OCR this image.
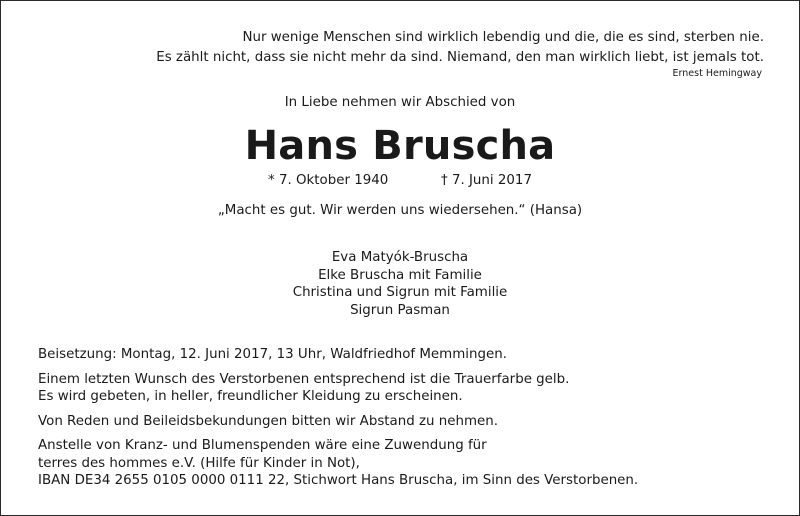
Nur wenige Menschen sind wirklich lebendig und die, die es sind, sterben nie.
Es zählt nicht, dass sie nicht mehr da sind. Niemand, den man wirklich liebt, ist jemals tot.
Ernest Hemingway
In Liebe nehmen wir Abschied von
Hans Bruscha
* 7. Oktober 1940	† 7. Juni 2017
„Macht es gut. Wir werden uns wiedersehen.“ (Hansa)
Eva Matyók-Bruscha
Elke Bruscha mit Familie
Christina und Sigrun mit Familie
Sigrun Pasman

Beisetzung: Montag, 12. Juni 2017, 13 Uhr, Waldfriedhof Memmingen.

Einem letzten Wunsch des Verstorbenen entsprechend ist die Trauerfarbe gelb.
Es wird gebeten, in heller, freundlicher Kleidung zu erscheinen.

Von Reden und Beileidsbekundungen bitten wir Abstand zu nehmen.

Anstelle von Kranz- und Blumenspenden wäre eine Zuwendung für
terres des hommes e.V. (Hilfe für Kinder in Not),
IBAN DE34 2655 0105 0000 0111 22, Stichwort Hans Bruscha, im Sinn des Verstorbenen.
